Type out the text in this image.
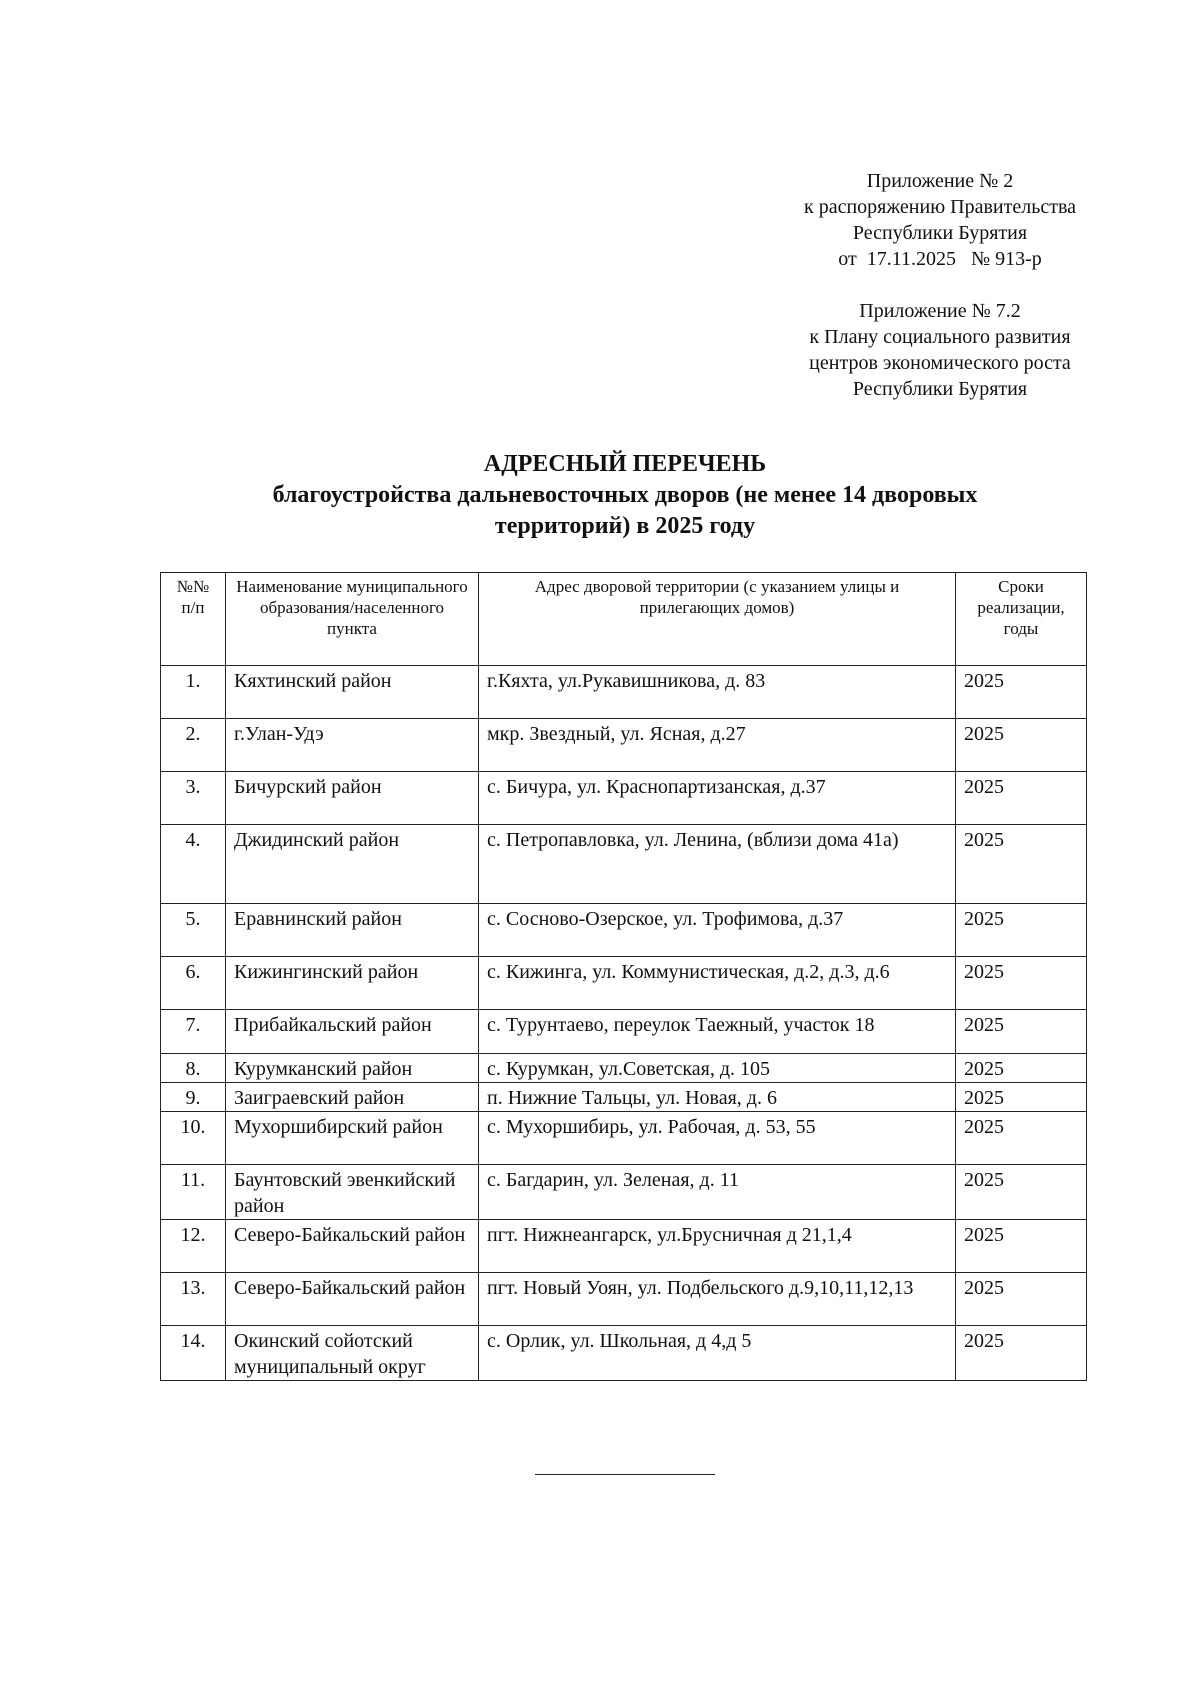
Приложение № 2
к распоряжению Правительства
Республики Бурятия
от  17.11.2025   № 913-р
Приложение № 7.2
к Плану социального развития
центров экономического роста
Республики Бурятия
АДРЕСНЫЙ ПЕРЕЧЕНЬ
благоустройства дальневосточных дворов (не менее 14 дворовых
территорий) в 2025 году
№№ п/п	Наименование муниципального образования/населенного пункта	Адрес дворовой территории (с указанием улицы и прилегающих домов)	Сроки реализации, годы
1.	Кяхтинский район	г.Кяхта, ул.Рукавишникова, д. 83	2025
2.	г.Улан-Удэ	мкр. Звездный, ул. Ясная, д.27	2025
3.	Бичурский район	с. Бичура, ул. Краснопартизанская, д.37	2025
4.	Джидинский район	с. Петропавловка, ул. Ленина, (вблизи дома 41а)	2025
5.	Еравнинский район	с. Сосново-Озерское, ул. Трофимова, д.37	2025
6.	Кижингинский район	с. Кижинга, ул. Коммунистическая, д.2, д.3, д.6	2025
7.	Прибайкальский район	с. Турунтаево, переулок Таежный, участок 18	2025
8.	Курумканский район	с. Курумкан, ул.Советская, д. 105	2025
9.	Заиграевский район	п. Нижние Тальцы, ул. Новая, д. 6	2025
10.	Мухоршибирский район	с. Мухоршибирь, ул. Рабочая, д. 53, 55	2025
11.	Баунтовский эвенкийский район	с. Багдарин, ул. Зеленая, д. 11	2025
12.	Северо-Байкальский район	пгт. Нижнеангарск, ул.Брусничная д 21,1,4	2025
13.	Северо-Байкальский район	пгт. Новый Уоян, ул. Подбельского д.9,10,11,12,13	2025
14.	Окинский сойотский муниципальный округ	с. Орлик, ул. Школьная, д 4,д 5	2025
